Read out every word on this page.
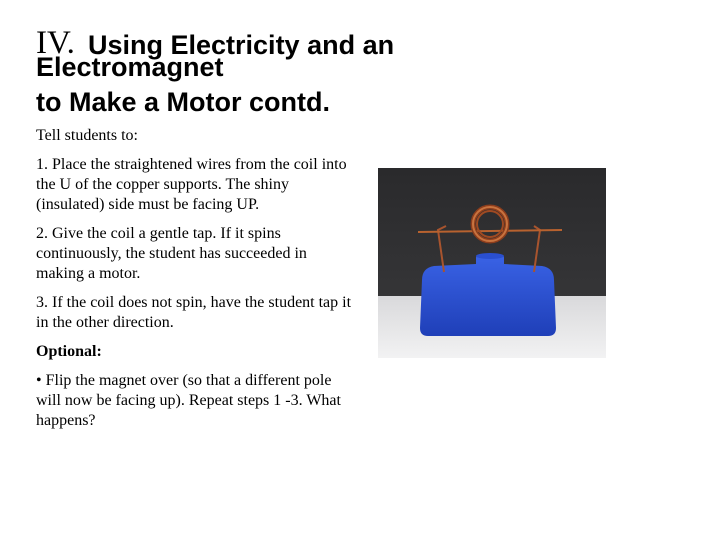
IV. Using Electricity and an
Electromagnet
to Make a Motor contd.

Tell students to:

1. Place the straightened wires from the coil into the U of the copper supports. The shiny (insulated) side must be facing UP.

2. Give the coil a gentle tap. If it spins continuously, the student has succeeded in making a motor.

3. If the coil does not spin, have the student tap it in the other direction.

Optional:

• Flip the magnet over (so that a different pole will now be facing up). Repeat steps 1 -3. What happens?
